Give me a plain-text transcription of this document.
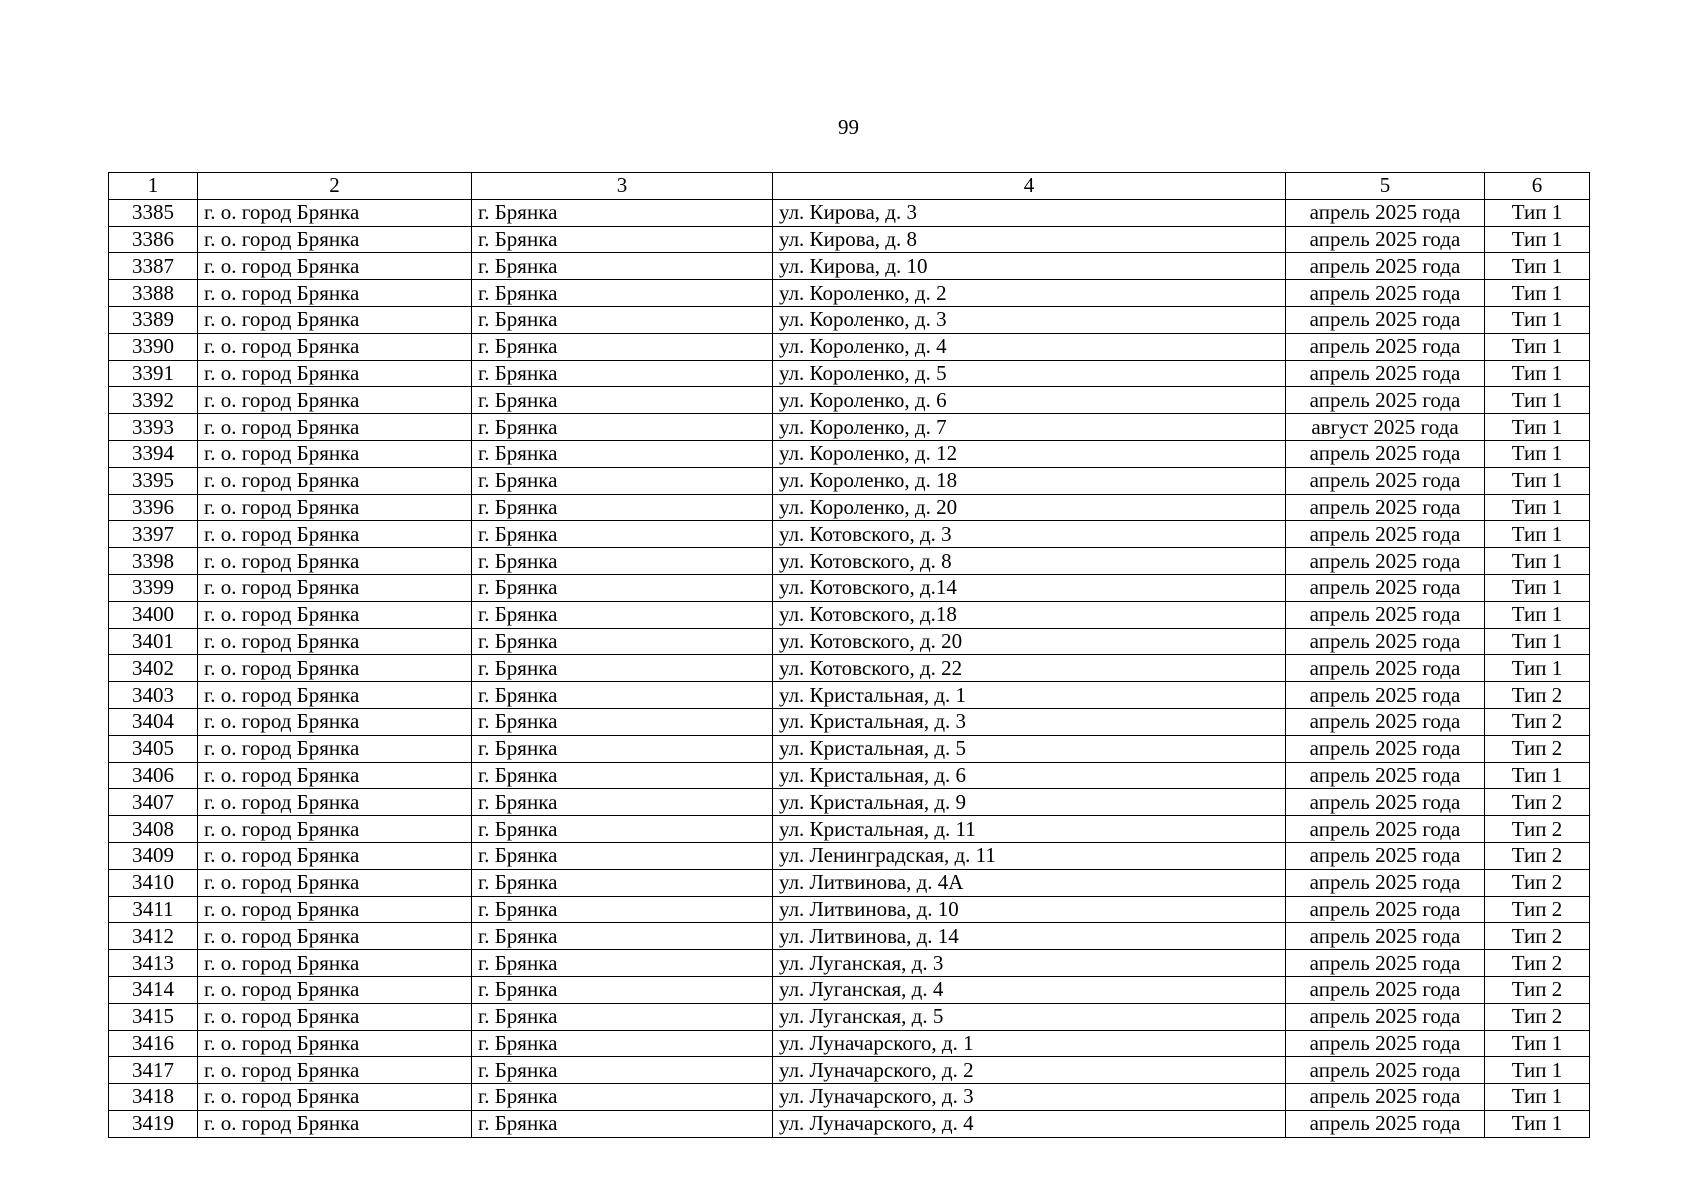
99
1	2	3	4	5	6
3385	г. о. город Брянка	г. Брянка	ул. Кирова, д. 3	апрель 2025 года	Тип 1
3386	г. о. город Брянка	г. Брянка	ул. Кирова, д. 8	апрель 2025 года	Тип 1
3387	г. о. город Брянка	г. Брянка	ул. Кирова, д. 10	апрель 2025 года	Тип 1
3388	г. о. город Брянка	г. Брянка	ул. Короленко, д. 2	апрель 2025 года	Тип 1
3389	г. о. город Брянка	г. Брянка	ул. Короленко, д. 3	апрель 2025 года	Тип 1
3390	г. о. город Брянка	г. Брянка	ул. Короленко, д. 4	апрель 2025 года	Тип 1
3391	г. о. город Брянка	г. Брянка	ул. Короленко, д. 5	апрель 2025 года	Тип 1
3392	г. о. город Брянка	г. Брянка	ул. Короленко, д. 6	апрель 2025 года	Тип 1
3393	г. о. город Брянка	г. Брянка	ул. Короленко, д. 7	август 2025 года	Тип 1
3394	г. о. город Брянка	г. Брянка	ул. Короленко, д. 12	апрель 2025 года	Тип 1
3395	г. о. город Брянка	г. Брянка	ул. Короленко, д. 18	апрель 2025 года	Тип 1
3396	г. о. город Брянка	г. Брянка	ул. Короленко, д. 20	апрель 2025 года	Тип 1
3397	г. о. город Брянка	г. Брянка	ул. Котовского, д. 3	апрель 2025 года	Тип 1
3398	г. о. город Брянка	г. Брянка	ул. Котовского, д. 8	апрель 2025 года	Тип 1
3399	г. о. город Брянка	г. Брянка	ул. Котовского, д.14	апрель 2025 года	Тип 1
3400	г. о. город Брянка	г. Брянка	ул. Котовского, д.18	апрель 2025 года	Тип 1
3401	г. о. город Брянка	г. Брянка	ул. Котовского, д. 20	апрель 2025 года	Тип 1
3402	г. о. город Брянка	г. Брянка	ул. Котовского, д. 22	апрель 2025 года	Тип 1
3403	г. о. город Брянка	г. Брянка	ул. Кристальная, д. 1	апрель 2025 года	Тип 2
3404	г. о. город Брянка	г. Брянка	ул. Кристальная, д. 3	апрель 2025 года	Тип 2
3405	г. о. город Брянка	г. Брянка	ул. Кристальная, д. 5	апрель 2025 года	Тип 2
3406	г. о. город Брянка	г. Брянка	ул. Кристальная, д. 6	апрель 2025 года	Тип 1
3407	г. о. город Брянка	г. Брянка	ул. Кристальная, д. 9	апрель 2025 года	Тип 2
3408	г. о. город Брянка	г. Брянка	ул. Кристальная, д. 11	апрель 2025 года	Тип 2
3409	г. о. город Брянка	г. Брянка	ул. Ленинградская, д. 11	апрель 2025 года	Тип 2
3410	г. о. город Брянка	г. Брянка	ул. Литвинова, д. 4А	апрель 2025 года	Тип 2
3411	г. о. город Брянка	г. Брянка	ул. Литвинова, д. 10	апрель 2025 года	Тип 2
3412	г. о. город Брянка	г. Брянка	ул. Литвинова, д. 14	апрель 2025 года	Тип 2
3413	г. о. город Брянка	г. Брянка	ул. Луганская, д. 3	апрель 2025 года	Тип 2
3414	г. о. город Брянка	г. Брянка	ул. Луганская, д. 4	апрель 2025 года	Тип 2
3415	г. о. город Брянка	г. Брянка	ул. Луганская, д. 5	апрель 2025 года	Тип 2
3416	г. о. город Брянка	г. Брянка	ул. Луначарского, д. 1	апрель 2025 года	Тип 1
3417	г. о. город Брянка	г. Брянка	ул. Луначарского, д. 2	апрель 2025 года	Тип 1
3418	г. о. город Брянка	г. Брянка	ул. Луначарского, д. 3	апрель 2025 года	Тип 1
3419	г. о. город Брянка	г. Брянка	ул. Луначарского, д. 4	апрель 2025 года	Тип 1
